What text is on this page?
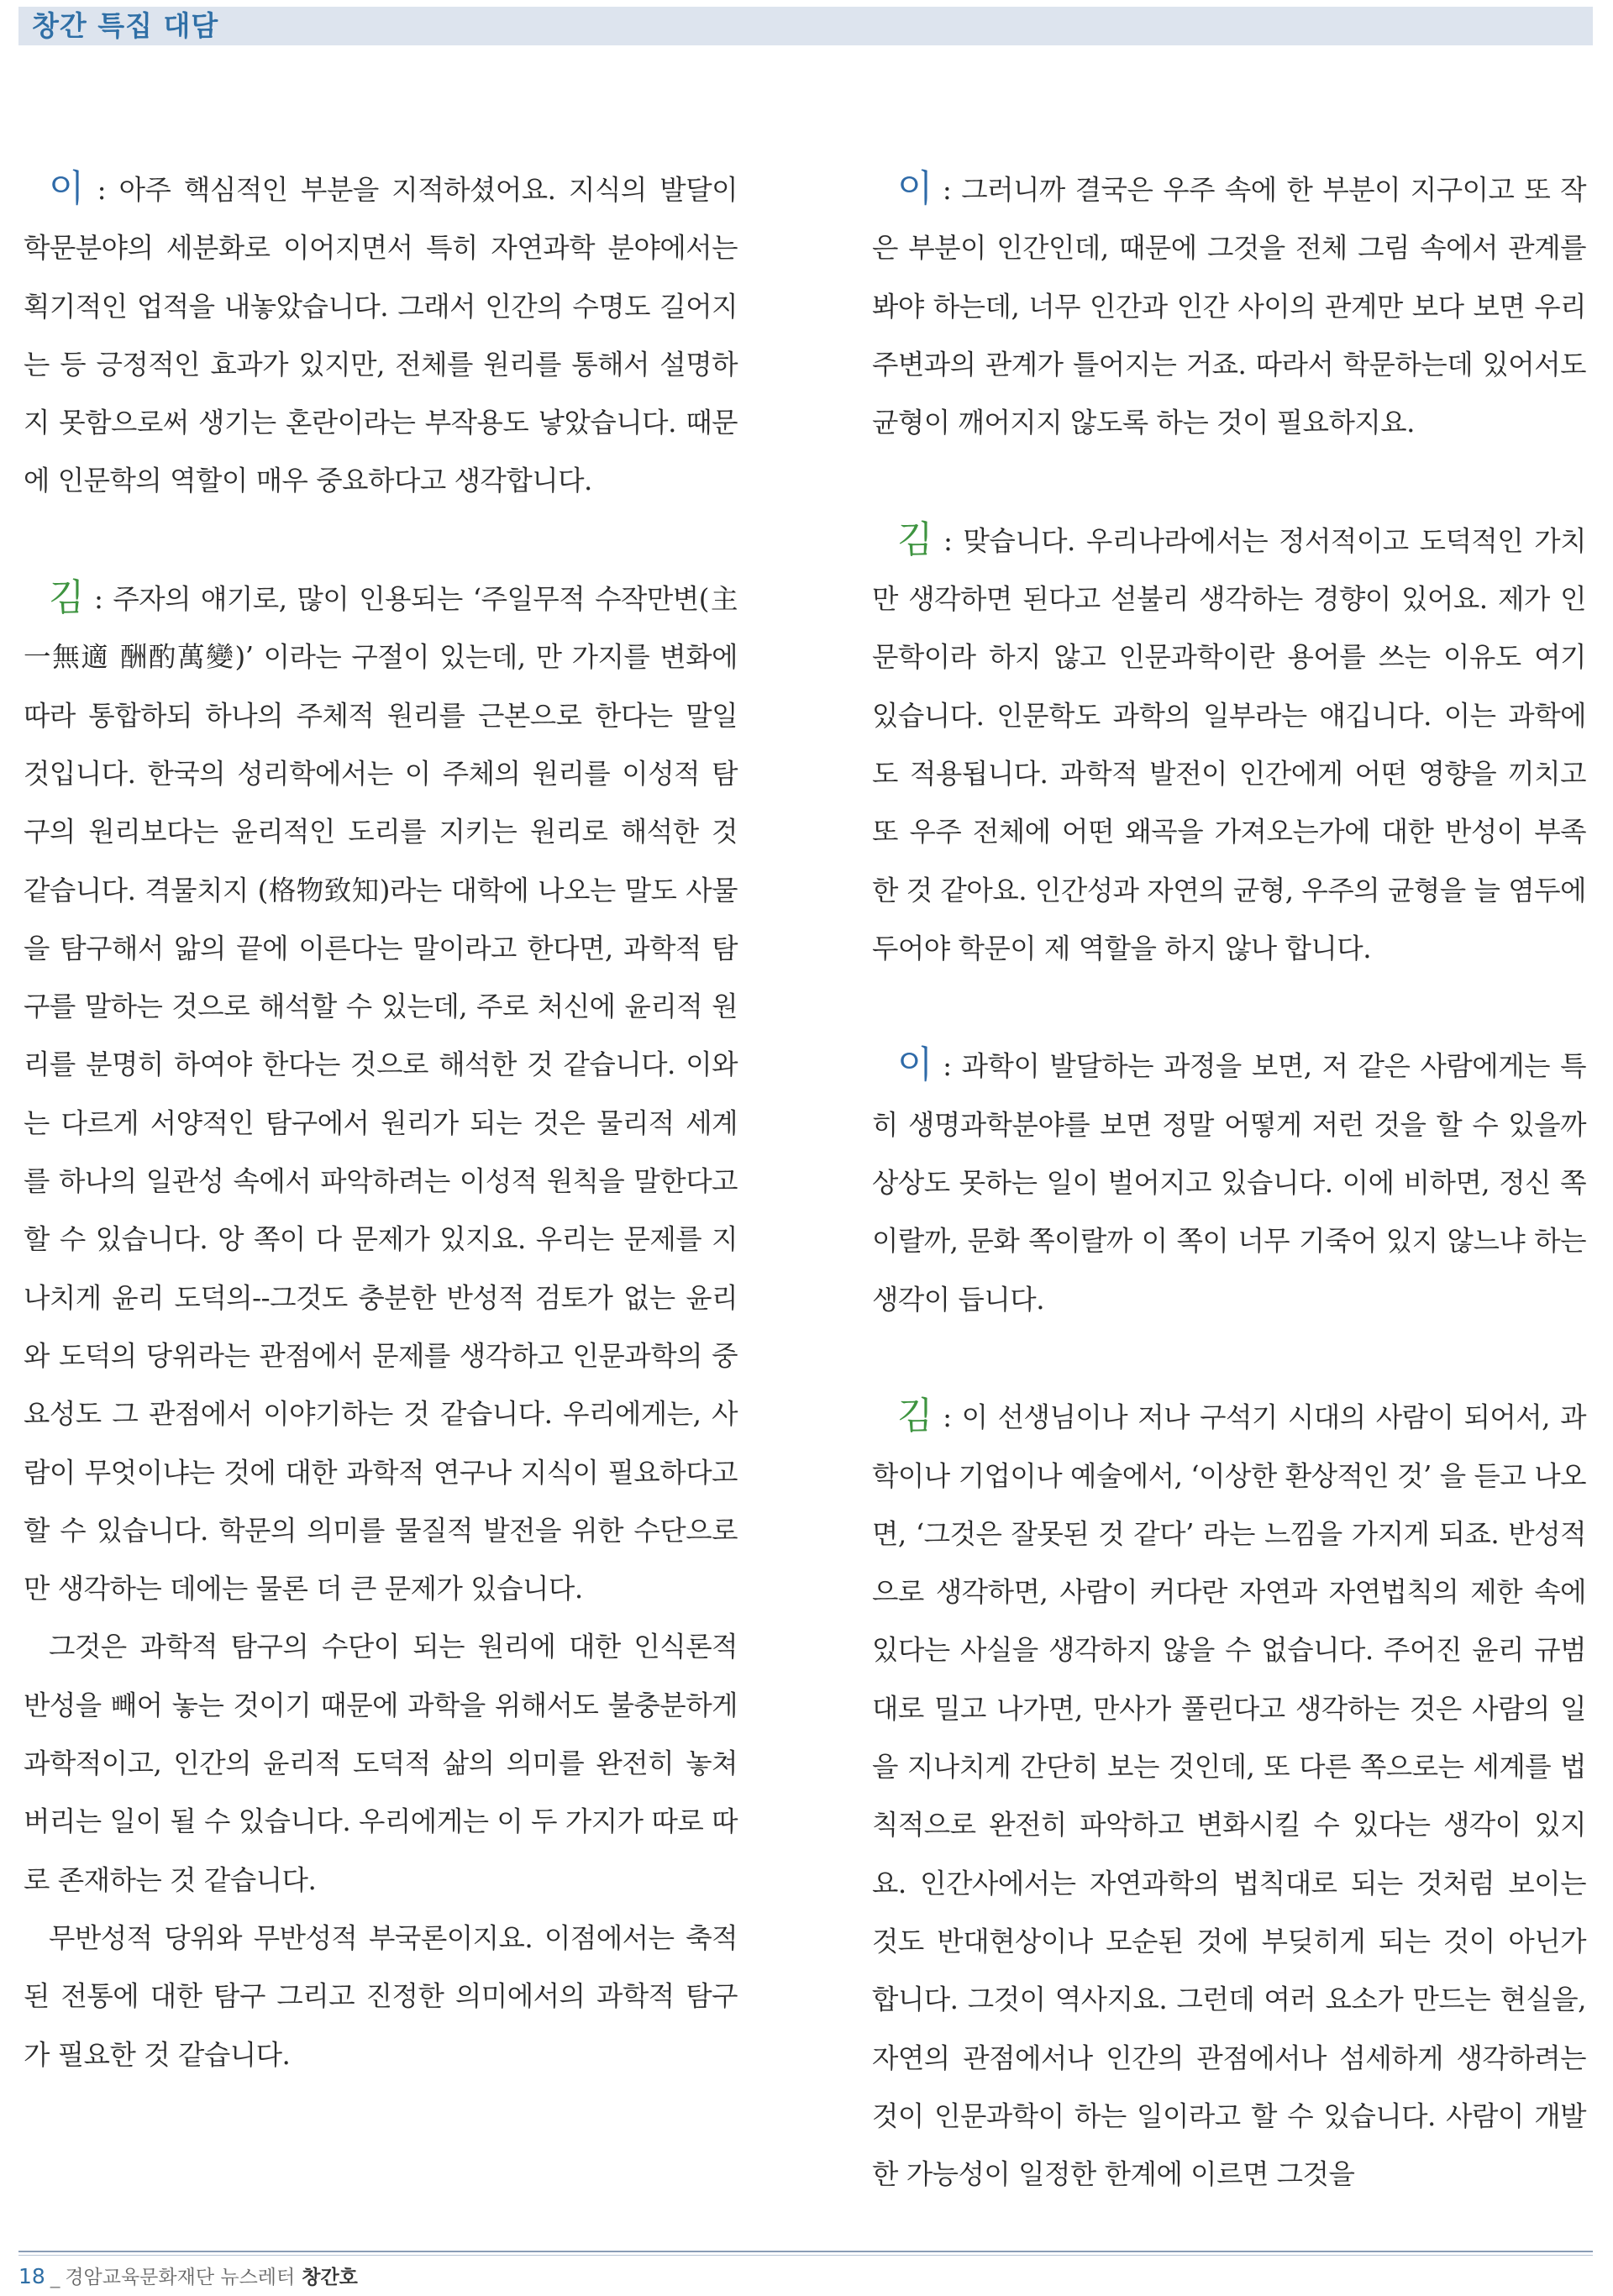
창간 특집 대담

이 : 아주 핵심적인 부분을 지적하셨어요. 지식의 발달이 학문분야의 세분화로 이어지면서 특히 자연과학 분야에서는 획기적인 업적을 내놓았습니다. 그래서 인간의 수명도 길어지는 등 긍정적인 효과가 있지만, 전체를 원리를 통해서 설명하지 못함으로써 생기는 혼란이라는 부작용도 낳았습니다. 때문에 인문학의 역할이 매우 중요하다고 생각합니다.

김 : 주자의 얘기로, 많이 인용되는 ‘주일무적 수작만변(主一無適 酬酌萬變)’ 이라는 구절이 있는데, 만 가지를 변화에 따라 통합하되 하나의 주체적 원리를 근본으로 한다는 말일 것입니다. 한국의 성리학에서는 이 주체의 원리를 이성적 탐구의 원리보다는 윤리적인 도리를 지키는 원리로 해석한 것 같습니다. 격물치지 (格物致知)라는 대학에 나오는 말도 사물을 탐구해서 앎의 끝에 이른다는 말이라고 한다면, 과학적 탐구를 말하는 것으로 해석할 수 있는데, 주로 처신에 윤리적 원리를 분명히 하여야 한다는 것으로 해석한 것 같습니다. 이와는 다르게 서양적인 탐구에서 원리가 되는 것은 물리적 세계를 하나의 일관성 속에서 파악하려는 이성적 원칙을 말한다고 할 수 있습니다. 앙 쪽이 다 문제가 있지요. 우리는 문제를 지나치게 윤리 도덕의--그것도 충분한 반성적 검토가 없는 윤리와 도덕의 당위라는 관점에서 문제를 생각하고 인문과학의 중요성도 그 관점에서 이야기하는 것 같습니다. 우리에게는, 사람이 무엇이냐는 것에 대한 과학적 연구나 지식이 필요하다고 할 수 있습니다. 학문의 의미를 물질적 발전을 위한 수단으로만 생각하는 데에는 물론 더 큰 문제가 있습니다.

그것은 과학적 탐구의 수단이 되는 원리에 대한 인식론적 반성을 빼어 놓는 것이기 때문에 과학을 위해서도 불충분하게 과학적이고, 인간의 윤리적 도덕적 삶의 의미를 완전히 놓쳐 버리는 일이 될 수 있습니다. 우리에게는 이 두 가지가 따로 따로 존재하는 것 같습니다.

무반성적 당위와 무반성적 부국론이지요. 이점에서는 축적된 전통에 대한 탐구 그리고 진정한 의미에서의 과학적 탐구가 필요한 것 같습니다.

이 : 그러니까 결국은 우주 속에 한 부분이 지구이고 또 작은 부분이 인간인데, 때문에 그것을 전체 그림 속에서 관계를 봐야 하는데, 너무 인간과 인간 사이의 관계만 보다 보면 우리 주변과의 관계가 틀어지는 거죠. 따라서 학문하는데 있어서도 균형이 깨어지지 않도록 하는 것이 필요하지요.

김 : 맞습니다. 우리나라에서는 정서적이고 도덕적인 가치만 생각하면 된다고 섣불리 생각하는 경향이 있어요. 제가 인문학이라 하지 않고 인문과학이란 용어를 쓰는 이유도 여기 있습니다. 인문학도 과학의 일부라는 얘깁니다. 이는 과학에도 적용됩니다. 과학적 발전이 인간에게 어떤 영향을 끼치고 또 우주 전체에 어떤 왜곡을 가져오는가에 대한 반성이 부족한 것 같아요. 인간성과 자연의 균형, 우주의 균형을 늘 염두에 두어야 학문이 제 역할을 하지 않나 합니다.

이 : 과학이 발달하는 과정을 보면, 저 같은 사람에게는 특히 생명과학분야를 보면 정말 어떻게 저런 것을 할 수 있을까 상상도 못하는 일이 벌어지고 있습니다. 이에 비하면, 정신 쪽이랄까, 문화 쪽이랄까 이 쪽이 너무 기죽어 있지 않느냐 하는 생각이 듭니다.

김 : 이 선생님이나 저나 구석기 시대의 사람이 되어서, 과학이나 기업이나 예술에서, ‘이상한 환상적인 것’ 을 듣고 나오면, ‘그것은 잘못된 것 같다’ 라는 느낌을 가지게 되죠. 반성적으로 생각하면, 사람이 커다란 자연과 자연법칙의 제한 속에 있다는 사실을 생각하지 않을 수 없습니다. 주어진 윤리 규범대로 밀고 나가면, 만사가 풀린다고 생각하는 것은 사람의 일을 지나치게 간단히 보는 것인데, 또 다른 쪽으로는 세계를 법칙적으로 완전히 파악하고 변화시킬 수 있다는 생각이 있지요. 인간사에서는 자연과학의 법칙대로 되는 것처럼 보이는 것도 반대현상이나 모순된 것에 부딪히게 되는 것이 아닌가 합니다. 그것이 역사지요. 그런데 여러 요소가 만드는 현실을, 자연의 관점에서나 인간의 관점에서나 섬세하게 생각하려는 것이 인문과학이 하는 일이라고 할 수 있습니다. 사람이 개발한 가능성이 일정한 한계에 이르면 그것을

18 _ 경암교육문화재단 뉴스레터 창간호
